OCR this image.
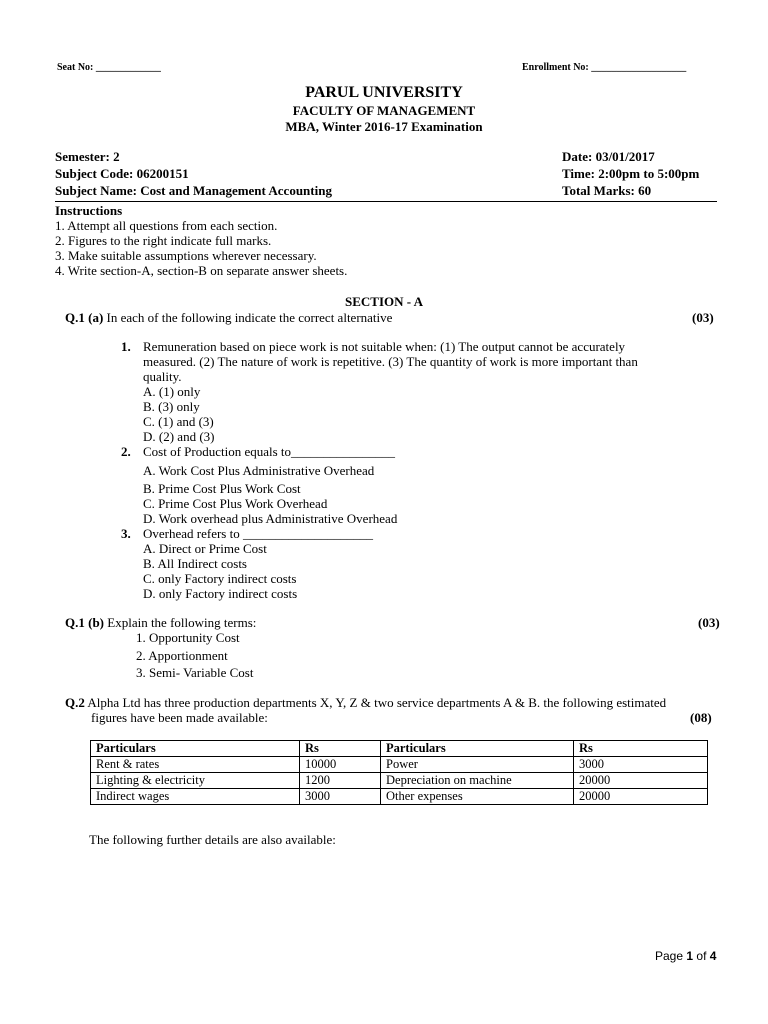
Seat No: _____________	Enrollment No: ___________________
PARUL UNIVERSITY
FACULTY OF MANAGEMENT
MBA, Winter 2016-17 Examination
Semester: 2	Date: 03/01/2017
Subject Code: 06200151	Time: 2:00pm to 5:00pm
Subject Name: Cost and Management Accounting	Total Marks: 60
Instructions
1. Attempt all questions from each section.
2. Figures to the right indicate full marks.
3. Make suitable assumptions wherever necessary.
4. Write section-A, section-B on separate answer sheets.
SECTION - A
Q.1 (a) In each of the following indicate the correct alternative	(03)
1. Remuneration based on piece work is not suitable when: (1) The output cannot be accurately
measured. (2) The nature of work is repetitive. (3) The quantity of work is more important than
quality.
A. (1) only
B. (3) only
C. (1) and (3)
D. (2) and (3)
2. Cost of Production equals to________________
A. Work Cost Plus Administrative Overhead
B. Prime Cost Plus Work Cost
C. Prime Cost Plus Work Overhead
D. Work overhead plus Administrative Overhead
3. Overhead refers to ____________________
A. Direct or Prime Cost
B. All Indirect costs
C. only Factory indirect costs
D. only Factory indirect costs
Q.1 (b) Explain the following terms:	(03)
1. Opportunity Cost
2. Apportionment
3. Semi- Variable Cost
Q.2 Alpha Ltd has three production departments X, Y, Z & two service departments A & B. the following estimated
figures have been made available:	(08)
Particulars	Rs	Particulars	Rs
Rent & rates	10000	Power	3000
Lighting & electricity	1200	Depreciation on machine	20000
Indirect wages	3000	Other expenses	20000
The following further details are also available:
Page 1 of 4
